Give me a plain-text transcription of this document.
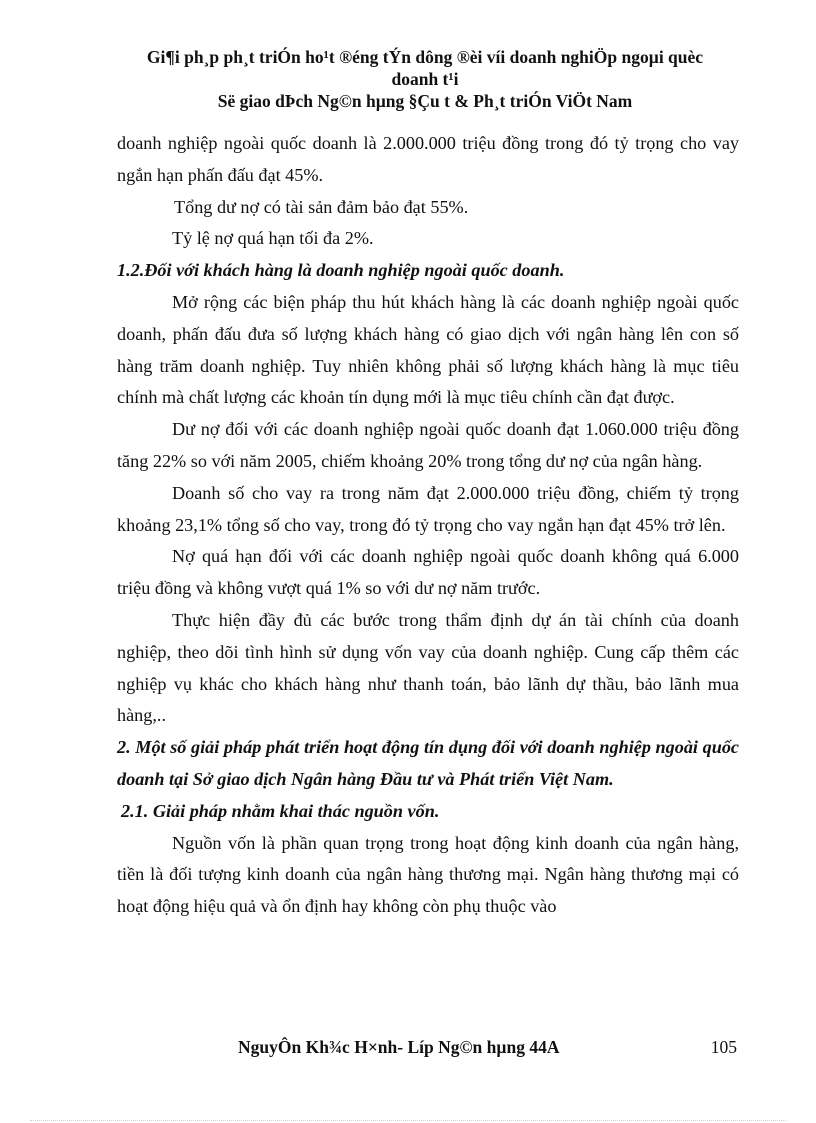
Gi¶i ph¸p ph¸t triÓn ho¹t ®éng tÝn dông ®èi víi doanh nghiÖp ngoµi quèc
doanh t¹i
Së giao dÞch Ng©n hµng §Çu t & Ph¸t triÓn ViÖt Nam

doanh nghiệp ngoài quốc doanh là 2.000.000 triệu đồng trong đó tỷ trọng cho vay ngắn hạn phấn đấu đạt 45%.

Tổng dư nợ có tài sản đảm bảo đạt 55%.

Tỷ lệ nợ quá hạn tối đa 2%.

1.2.Đối với khách hàng là doanh nghiệp ngoài quốc doanh.

Mở rộng các biện pháp thu hút khách hàng là các doanh nghiệp ngoài quốc doanh, phấn đấu đưa số lượng khách hàng có giao dịch với ngân hàng lên con số hàng trăm doanh nghiệp. Tuy nhiên không phải số lượng khách hàng là mục tiêu chính mà chất lượng các khoản tín dụng mới là mục tiêu chính cần đạt được.

Dư nợ đối với các doanh nghiệp ngoài quốc doanh đạt 1.060.000 triệu đồng tăng 22% so với năm 2005, chiếm khoảng 20% trong tổng dư nợ của ngân hàng.

Doanh số cho vay ra trong năm đạt 2.000.000 triệu đồng, chiếm tỷ trọng khoảng 23,1% tổng số cho vay, trong đó tỷ trọng cho vay ngắn hạn đạt 45% trở lên.

Nợ quá hạn đối với các doanh nghiệp ngoài quốc doanh không quá 6.000 triệu đồng và không vượt quá 1% so với dư nợ năm trước.

Thực hiện đầy đủ các bước trong thẩm định dự án tài chính của doanh nghiệp, theo dõi tình hình sử dụng vốn vay của doanh nghiệp. Cung cấp thêm các nghiệp vụ khác cho khách hàng như thanh toán, bảo lãnh dự thầu, bảo lãnh mua hàng,..

2. Một số giải pháp phát triển hoạt động tín dụng đối với doanh nghiệp ngoài quốc doanh tại Sở giao dịch Ngân hàng Đầu tư và Phát triển Việt Nam.

2.1. Giải pháp nhằm khai thác nguồn vốn.

Nguồn vốn là phần quan trọng trong hoạt động kinh doanh của ngân hàng, tiền là đối tượng kinh doanh của ngân hàng thương mại. Ngân hàng thương mại có hoạt động hiệu quả và ổn định hay không còn phụ thuộc vào

NguyÔn Kh¾c H×nh- Líp Ng©n hµng 44A	105
